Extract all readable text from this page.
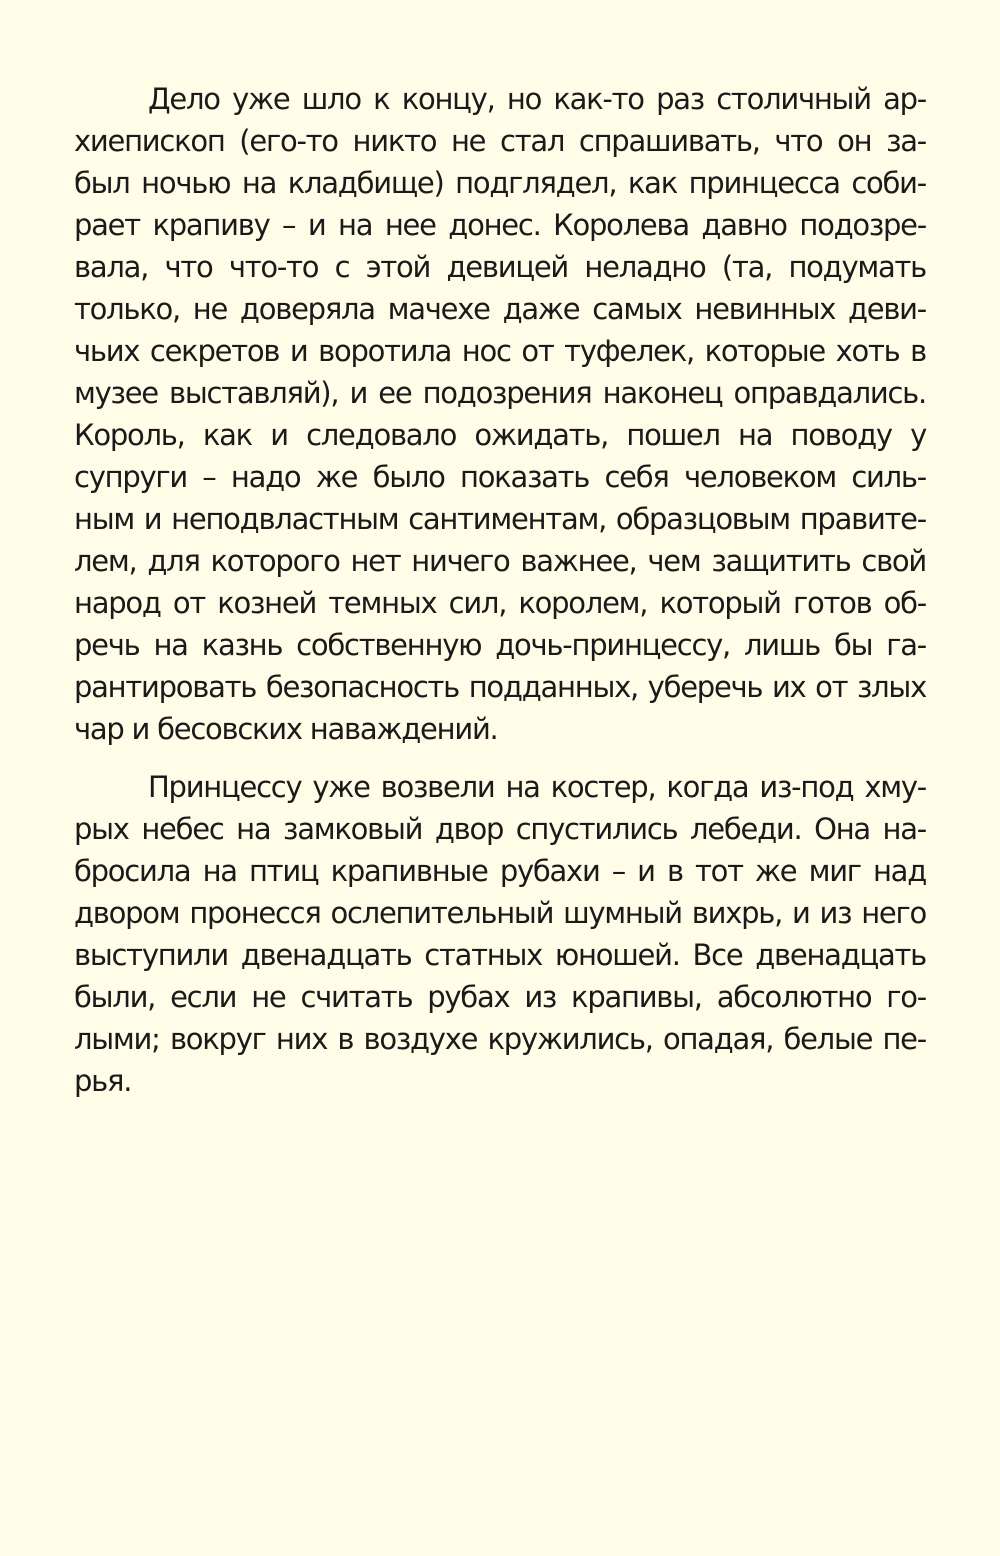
Дело уже шло к концу, но как-то раз столичный ар-
хиепископ (его-то никто не стал спрашивать, что он за-
был ночью на кладбище) подглядел, как принцесса соби-
рает крапиву – и на нее донес. Королева давно подозре-
вала, что что-то с этой девицей неладно (та, подумать
только, не доверяла мачехе даже самых невинных деви-
чьих секретов и воротила нос от туфелек, которые хоть в
музее выставляй), и ее подозрения наконец оправдались.
Король, как и следовало ожидать, пошел на поводу у
супруги – надо же было показать себя человеком силь-
ным и неподвластным сантиментам, образцовым правите-
лем, для которого нет ничего важнее, чем защитить свой
народ от козней темных сил, королем, который готов об-
речь на казнь собственную дочь-принцессу, лишь бы га-
рантировать безопасность подданных, уберечь их от злых
чар и бесовских наваждений.
Принцессу уже возвели на костер, когда из-под хму-
рых небес на замковый двор спустились лебеди. Она на-
бросила на птиц крапивные рубахи – и в тот же миг над
двором пронесся ослепительный шумный вихрь, и из него
выступили двенадцать статных юношей. Все двенадцать
были, если не считать рубах из крапивы, абсолютно го-
лыми; вокруг них в воздухе кружились, опадая, белые пе-
рья.
